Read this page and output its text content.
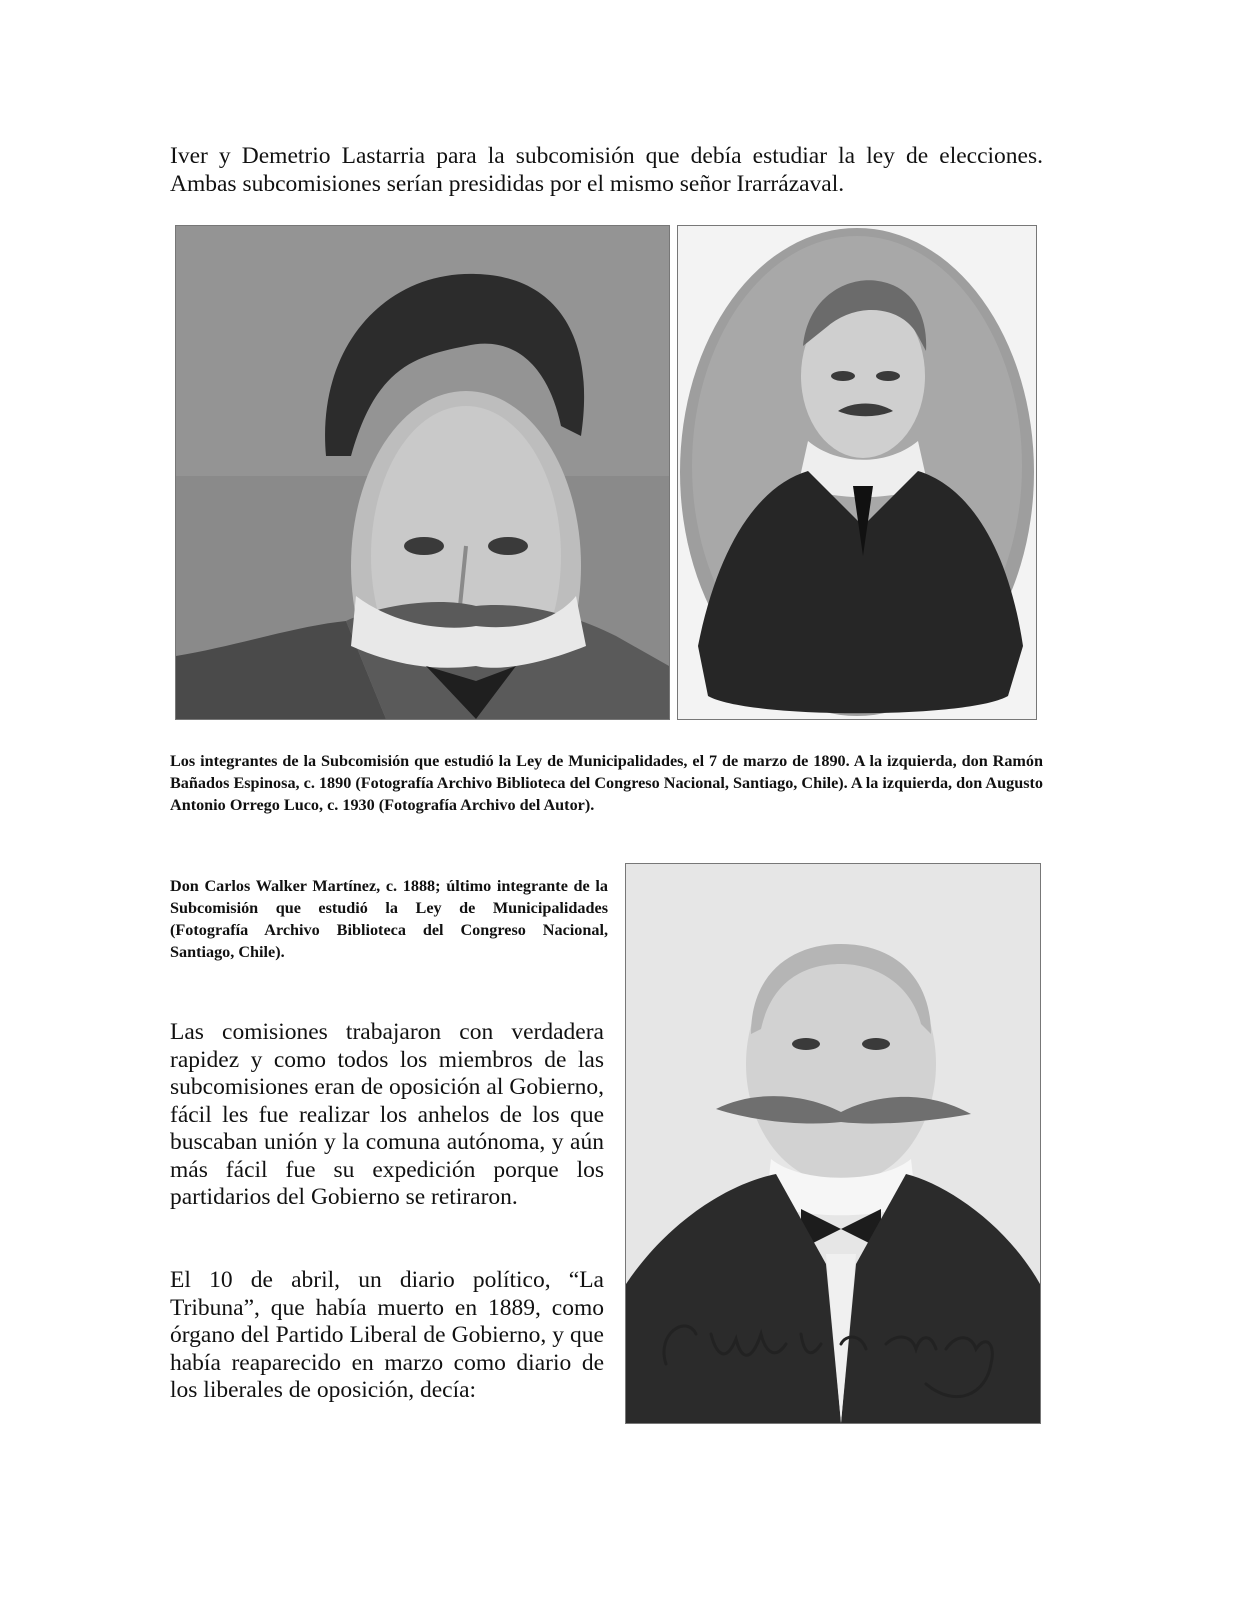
Iver y Demetrio Lastarria para la subcomisión que debía estudiar la ley de elecciones. Ambas subcomisiones serían presididas por el mismo señor Irarrázaval.

Los integrantes de la Subcomisión que estudió la Ley de Municipalidades, el 7 de marzo de 1890. A la izquierda, don Ramón Bañados Espinosa, c. 1890 (Fotografía Archivo Biblioteca del Congreso Nacional, Santiago, Chile). A la izquierda, don Augusto Antonio Orrego Luco, c. 1930 (Fotografía Archivo del Autor).

Don Carlos Walker Martínez, c. 1888; último integrante de la Subcomisión que estudió la Ley de Municipalidades (Fotografía Archivo Biblioteca del Congreso Nacional, Santiago, Chile).

Las comisiones trabajaron con verdadera rapidez y como todos los miembros de las subcomisiones eran de oposición al Gobierno, fácil les fue realizar los anhelos de los que buscaban unión y la comuna autónoma, y aún más fácil fue su expedición porque los partidarios del Gobierno se retiraron.

El 10 de abril, un diario político, “La Tribuna”, que había muerto en 1889, como órgano del Partido Liberal de Gobierno, y que había reaparecido en marzo como diario de los liberales de oposición, decía:
